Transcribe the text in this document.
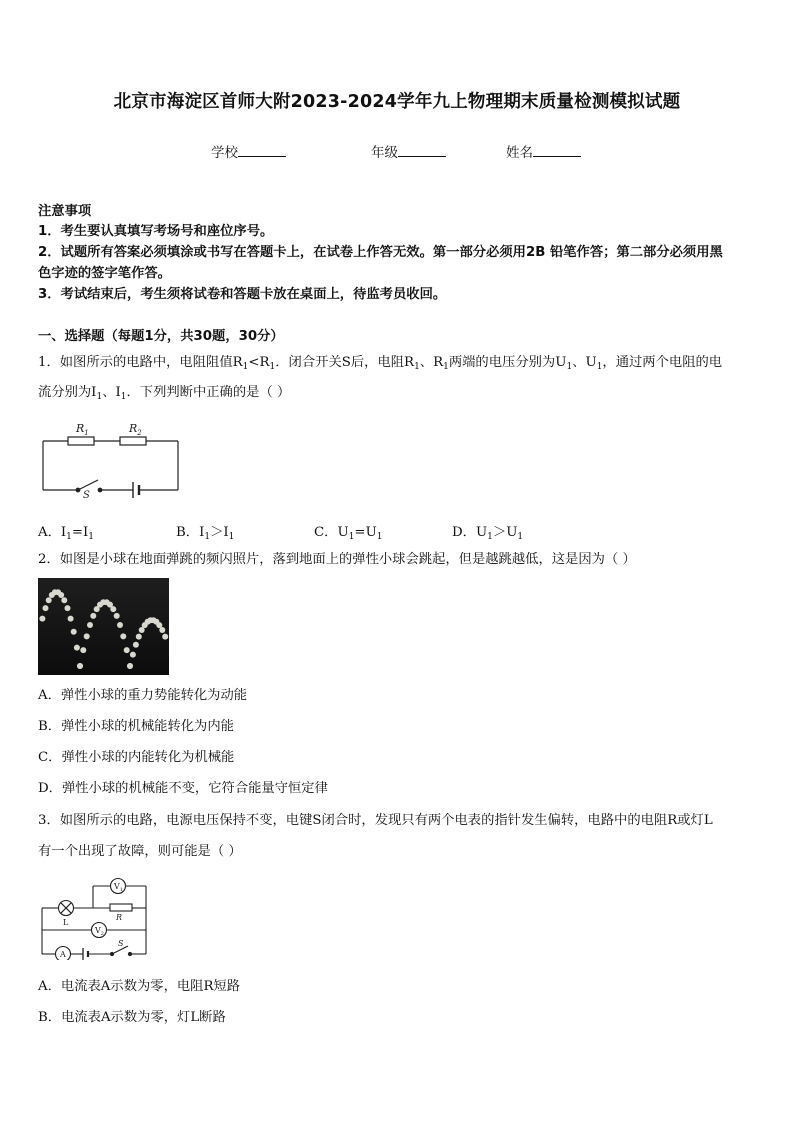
北京市海淀区首师大附2023-2024学年九上物理期末质量检测模拟试题
学校	年级	姓名
注意事项
1．考生要认真填写考场号和座位序号。
2．试题所有答案必须填涂或书写在答题卡上，在试卷上作答无效。第一部分必须用2B 铅笔作答；第二部分必须用黑
色字迹的签字笔作答。
3．考试结束后，考生须将试卷和答题卡放在桌面上，待监考员收回。
一、选择题（每题1分，共30题，30分）
1．如图所示的电路中，电阻阻值$R_1<R_1$．闭合开关S后，电阻$R_1$、$R_1$两端的电压分别为$U_1$、$U_1$，通过两个电阻的电
流分别为$I_1$、$I_1$．下列判断中正确的是（ ）
$R_1$	$R_2$
S
A．$I_1=I_1$	B．$I_1>I_1$	C．$U_1=U_1$	D．$U_1>U_1$
2．如图是小球在地面弹跳的频闪照片，落到地面上的弹性小球会跳起，但是越跳越低，这是因为（ ）
A．弹性小球的重力势能转化为动能
B．弹性小球的机械能转化为内能
C．弹性小球的内能转化为机械能
D．弹性小球的机械能不变，它符合能量守恒定律
3．如图所示的电路，电源电压保持不变，电键S闭合时，发现只有两个电表的指针发生偏转，电路中的电阻R或灯L
有一个出现了故障，则可能是（ ）
$V_1$
$V_2$
A
R
L
S
A．电流表A示数为零，电阻R短路
B．电流表A示数为零，灯L断路
